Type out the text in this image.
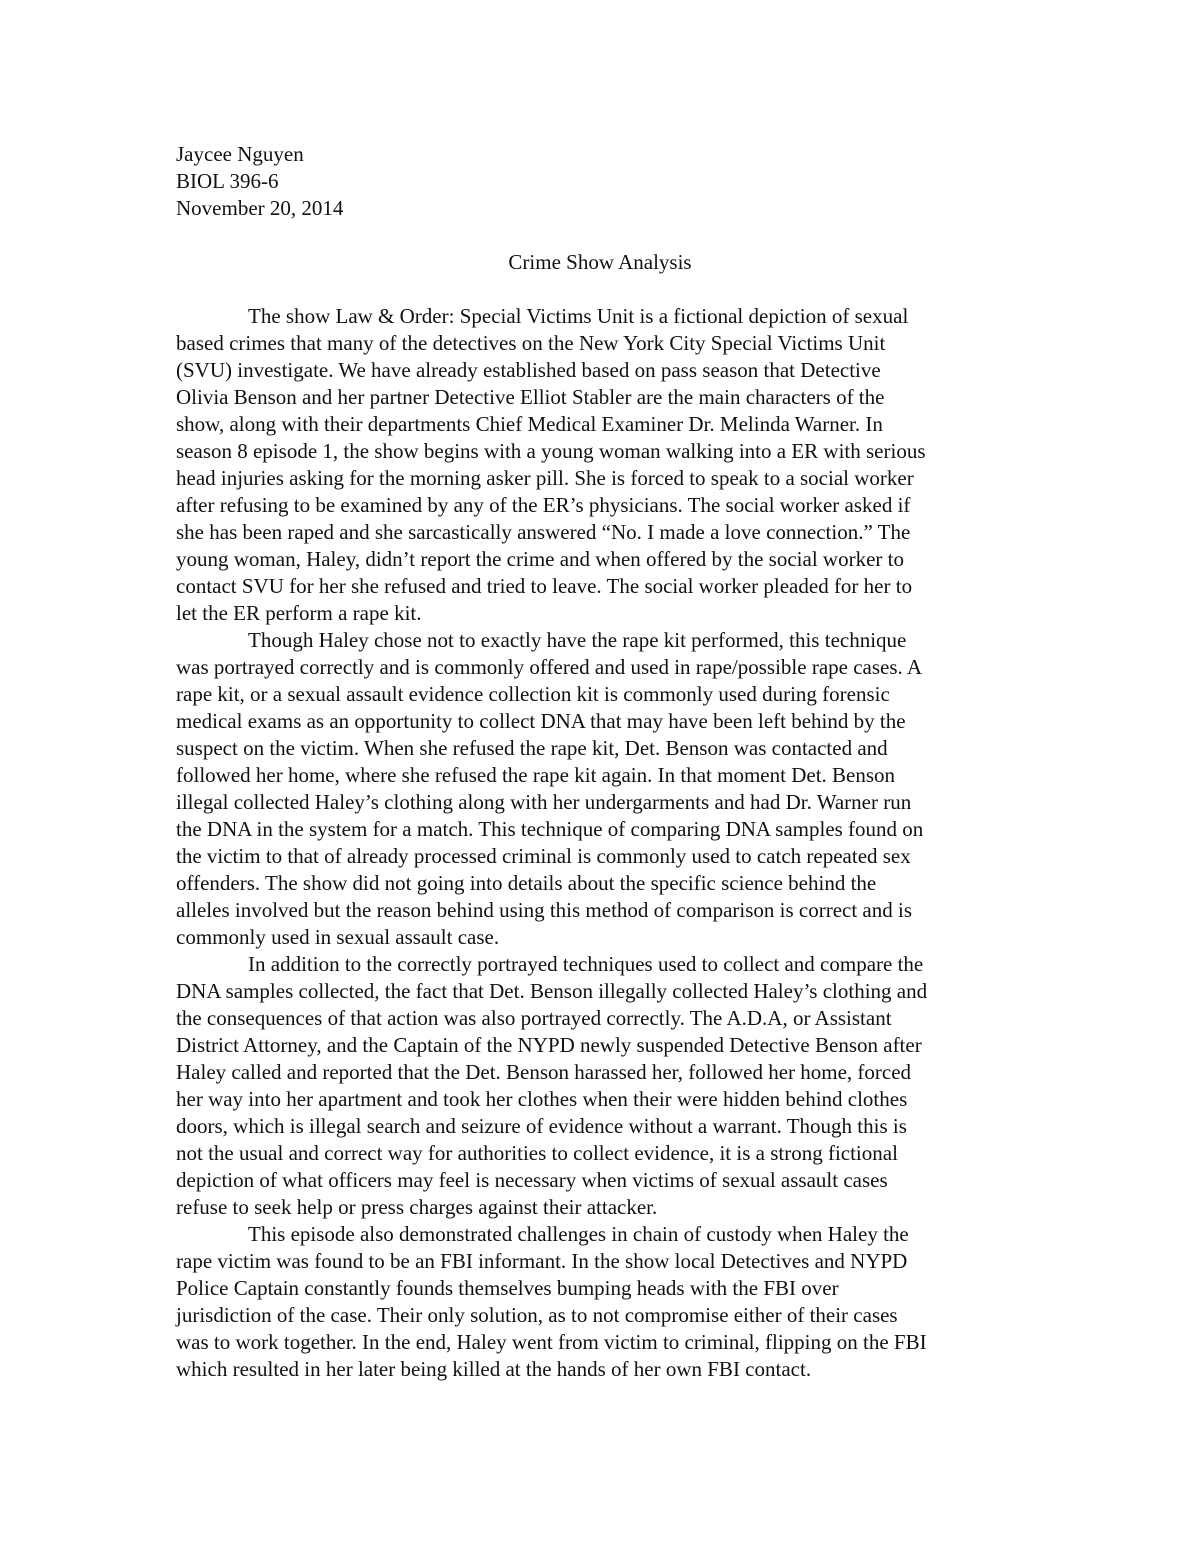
Jaycee Nguyen
BIOL 396-6
November 20, 2014
Crime Show Analysis
The show Law & Order: Special Victims Unit is a fictional depiction of sexual
based crimes that many of the detectives on the New York City Special Victims Unit
(SVU) investigate. We have already established based on pass season that Detective
Olivia Benson and her partner Detective Elliot Stabler are the main characters of the
show, along with their departments Chief Medical Examiner Dr. Melinda Warner. In
season 8 episode 1, the show begins with a young woman walking into a ER with serious
head injuries asking for the morning asker pill. She is forced to speak to a social worker
after refusing to be examined by any of the ER’s physicians. The social worker asked if
she has been raped and she sarcastically answered “No. I made a love connection.” The
young woman, Haley, didn’t report the crime and when offered by the social worker to
contact SVU for her she refused and tried to leave. The social worker pleaded for her to
let the ER perform a rape kit.
Though Haley chose not to exactly have the rape kit performed, this technique
was portrayed correctly and is commonly offered and used in rape/possible rape cases. A
rape kit, or a sexual assault evidence collection kit is commonly used during forensic
medical exams as an opportunity to collect DNA that may have been left behind by the
suspect on the victim. When she refused the rape kit, Det. Benson was contacted and
followed her home, where she refused the rape kit again. In that moment Det. Benson
illegal collected Haley’s clothing along with her undergarments and had Dr. Warner run
the DNA in the system for a match. This technique of comparing DNA samples found on
the victim to that of already processed criminal is commonly used to catch repeated sex
offenders. The show did not going into details about the specific science behind the
alleles involved but the reason behind using this method of comparison is correct and is
commonly used in sexual assault case.
In addition to the correctly portrayed techniques used to collect and compare the
DNA samples collected, the fact that Det. Benson illegally collected Haley’s clothing and
the consequences of that action was also portrayed correctly. The A.D.A, or Assistant
District Attorney, and the Captain of the NYPD newly suspended Detective Benson after
Haley called and reported that the Det. Benson harassed her, followed her home, forced
her way into her apartment and took her clothes when their were hidden behind clothes
doors, which is illegal search and seizure of evidence without a warrant. Though this is
not the usual and correct way for authorities to collect evidence, it is a strong fictional
depiction of what officers may feel is necessary when victims of sexual assault cases
refuse to seek help or press charges against their attacker.
This episode also demonstrated challenges in chain of custody when Haley the
rape victim was found to be an FBI informant. In the show local Detectives and NYPD
Police Captain constantly founds themselves bumping heads with the FBI over
jurisdiction of the case. Their only solution, as to not compromise either of their cases
was to work together. In the end, Haley went from victim to criminal, flipping on the FBI
which resulted in her later being killed at the hands of her own FBI contact.
